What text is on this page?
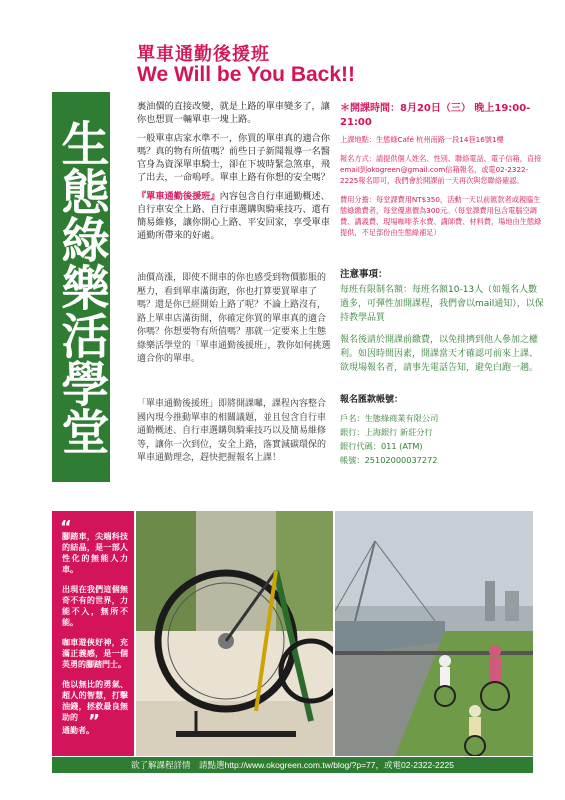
單車通勤後援班
We Will be You Back!!
生態綠樂活學堂

裏油價的直接改變，就是上路的單車變多了，讓你也想買一輛單車一塊上路。

一般單車店家水準不一，你買的單車真的適合你嗎？真的物有所值嗎？前些日子新聞報導一名醫官身為資深單車騎士，卻在下坡時緊急煞車，飛了出去，一命嗚呼。單車上路有你想的安全嗎？

『單車通勤後援班』內容包含自行車通勤概述、自行車安全上路、自行車選購與騎乘技巧、還有簡易維修，讓你開心上路、平安回家，享受單車通勤所帶來的好處。

油價高漲，即使不開車的你也感受到物價膨脹的壓力，看到單車滿街跑，你也打算要買單車了嗎？還是你已經開始上路了呢？不論上路沒有，路上單車店滿街開，你確定你買的單車真的適合你嗎？你想要物有所值嗎？那就一定要來上生態綠樂活學堂的「單車通勤後援班」，教你如何挑選適合你的單車。

「單車通勤後援班」即將開課囉，課程內容整合國內現今推動單車的相關議題，並且包含自行車通勤概述、自行車選購與騎乘技巧以及簡易維修等，讓你一次到位，安全上路，落實減碳環保的單車通勤理念，趕快把握報名上課！

＊開課時間：8月20日（三） 晚上19:00-21:00

上課地點：生態綠Café 杭州南路一段14巷16號1樓

報名方式：請提供個人姓名、性別、聯絡電話、電子信箱，直接email到okogreen@gmail.com信箱報名，或電02-2322-2225報名即可，我們會於開課前一天再次與您聯絡確認。

費用分擔：每堂課費用NT$350，活動一天以前匯款者或親臨生態綠繳費者，每堂優惠價為300元。（每堂課費用包含電腦空調費、講義費、現場咖啡茶水費、講師費、材料費，場地由生態綠提供，不足部份由生態綠補足）

注意事項：

每班有限制名額：每班名額10-13人（如報名人數過多，可彈性加開課程，我們會以mail通知），以保持教學品質

報名後請於開課前繳費，以免排擠到他人參加之權利。如因時間因素，開課當天才確認可前來上課、欲現場報名者，請事先電話告知，避免白跑一趟。

報名匯款帳號：

戶名：生態綠商業有限公司

銀行：上海銀行 新莊分行

銀行代碼：011 (ATM)

帳號：25102000037272

“
腳踏車，尖端科技的結晶，是一部人性化的無能人力車。
出現在我們這個無奇不有的世界，力能不入，無所不能。
咖車遊俠好神，充滿正義感，是一個英勇的腳踏門士。
他以無比的勇氣、超人的智慧，打擊油錢，拯救最良無助的 ”
通勤者。
欲了解課程詳情　請點選http://www.okogreen.com.tw/blog/?p=77，或電02-2322-2225
